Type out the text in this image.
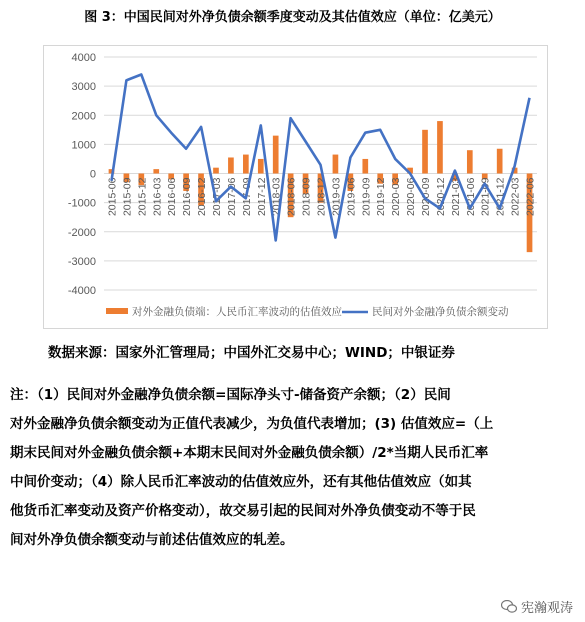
图 3：中国民间对外净负债余额季度变动及其估值效应（单位：亿美元）
-4000
-3000
-2000
-1000
0
1000
2000
3000
4000
2015-06 2015-09 2015-12 2016-03 2016-06 2016-09 2016-12 2017-03 2017-06 2017-09 2017-12 2018-03 2018-06 2018-09 2018-12 2019-03 2019-06 2019-09 2019-12 2020-03 2020-06 2020-09 2020-12 2021-03 2021-06 2021-09 2021-12 2022-03 2022-06
对外金融负债端：人民币汇率波动的估值效应	民间对外金融净负债余额变动
数据来源：国家外汇管理局；中国外汇交易中心；WIND；中银证券
注：（1）民间对外金融净负债余额=国际净头寸-储备资产余额；（2）民间
对外金融净负债余额变动为正值代表减少，为负值代表增加；(3) 估值效应=（上
期末民间对外金融负债余额+本期末民间对外金融负债余额）/2*当期人民币汇率
中间价变动；（4）除人民币汇率波动的估值效应外，还有其他估值效应（如其
他货币汇率变动及资产价格变动），故交易引起的民间对外净负债变动不等于民
间对外净负债余额变动与前述估值效应的轧差。
宪瀚观涛
